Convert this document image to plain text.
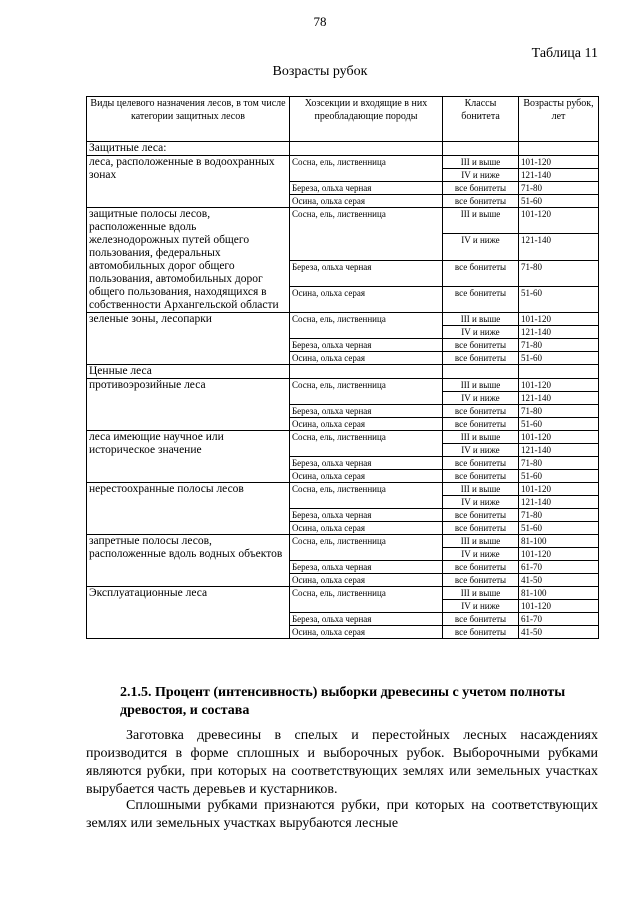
78
Таблица 11
Возрасты рубок
Виды целевого назначения лесов, в том числе категории защитных лесов	Хозсекции и входящие в них преобладающие породы	Классы бонитета	Возрасты рубок, лет
Защитные леса:			
леса, расположенные в водоохранных зонах	Сосна, ель, лиственница	III и выше	101-120
		IV и ниже	121-140
	Береза, ольха черная	все бонитеты	71-80
	Осина, ольха серая	все бонитеты	51-60
защитные полосы лесов, расположенные вдоль железнодорожных путей общего пользования, федеральных автомобильных дорог общего пользования, автомобильных дорог общего пользования, находящихся в собственности Архангельской области	Сосна, ель, лиственница	III и выше	101-120
		IV и ниже	121-140
	Береза, ольха черная	все бонитеты	71-80
	Осина, ольха серая	все бонитеты	51-60
зеленые зоны, лесопарки	Сосна, ель, лиственница	III и выше	101-120
		IV и ниже	121-140
	Береза, ольха черная	все бонитеты	71-80
	Осина, ольха серая	все бонитеты	51-60
Ценные леса			
противоэрозийные леса	Сосна, ель, лиственница	III и выше	101-120
		IV и ниже	121-140
	Береза, ольха черная	все бонитеты	71-80
	Осина, ольха серая	все бонитеты	51-60
леса имеющие научное или историческое значение	Сосна, ель, лиственница	III и выше	101-120
		IV и ниже	121-140
	Береза, ольха черная	все бонитеты	71-80
	Осина, ольха серая	все бонитеты	51-60
нерестоохранные полосы лесов	Сосна, ель, лиственница	III и выше	101-120
		IV и ниже	121-140
	Береза, ольха черная	все бонитеты	71-80
	Осина, ольха серая	все бонитеты	51-60
запретные полосы лесов, расположенные вдоль водных объектов	Сосна, ель, лиственница	III и выше	81-100
		IV и ниже	101-120
	Береза, ольха черная	все бонитеты	61-70
	Осина, ольха серая	все бонитеты	41-50
Эксплуатационные леса	Сосна, ель, лиственница	III и выше	81-100
		IV и ниже	101-120
	Береза, ольха черная	все бонитеты	61-70
	Осина, ольха серая	все бонитеты	41-50
2.1.5. Процент (интенсивность) выборки древесины с учетом полноты древостоя, и состава
Заготовка древесины в спелых и перестойных лесных насаждениях производится в форме сплошных и выборочных рубок. Выборочными рубками являются рубки, при которых на соответствующих землях или земельных участках вырубается часть деревьев и кустарников.
Сплошными рубками признаются рубки, при которых на соответствующих землях или земельных участках вырубаются лесные
